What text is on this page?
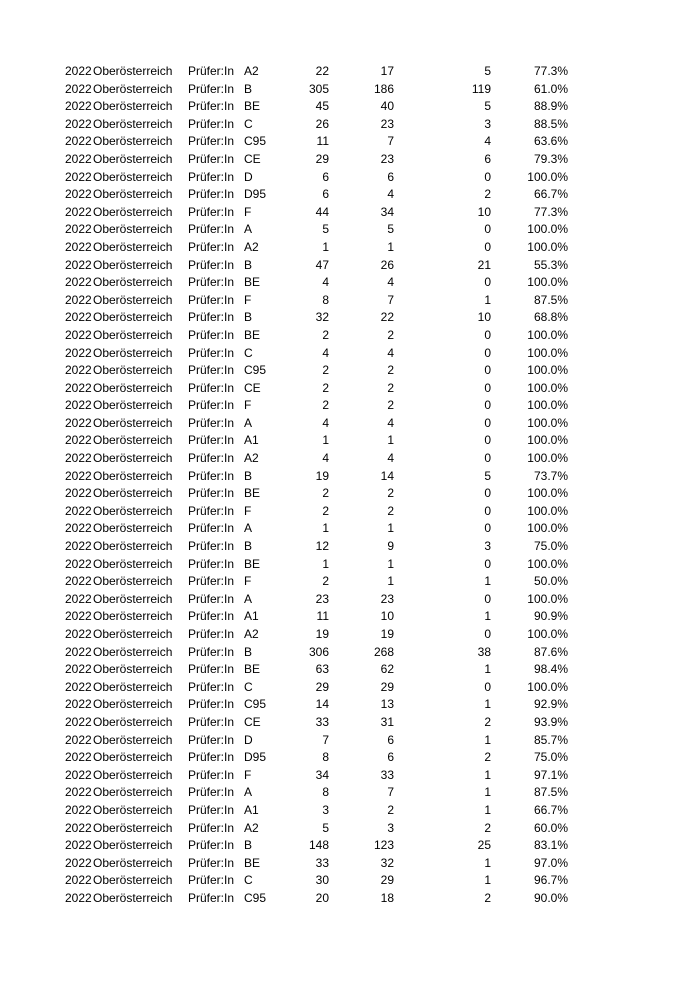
2022 Oberösterreich Prüfer:In A2	22	17	5	77.3%
2022 Oberösterreich Prüfer:In B	305	186	119	61.0%
2022 Oberösterreich Prüfer:In BE	45	40	5	88.9%
2022 Oberösterreich Prüfer:In C	26	23	3	88.5%
2022 Oberösterreich Prüfer:In C95	11	7	4	63.6%
2022 Oberösterreich Prüfer:In CE	29	23	6	79.3%
2022 Oberösterreich Prüfer:In D	6	6	0	100.0%
2022 Oberösterreich Prüfer:In D95	6	4	2	66.7%
2022 Oberösterreich Prüfer:In F	44	34	10	77.3%
2022 Oberösterreich Prüfer:In A	5	5	0	100.0%
2022 Oberösterreich Prüfer:In A2	1	1	0	100.0%
2022 Oberösterreich Prüfer:In B	47	26	21	55.3%
2022 Oberösterreich Prüfer:In BE	4	4	0	100.0%
2022 Oberösterreich Prüfer:In F	8	7	1	87.5%
2022 Oberösterreich Prüfer:In B	32	22	10	68.8%
2022 Oberösterreich Prüfer:In BE	2	2	0	100.0%
2022 Oberösterreich Prüfer:In C	4	4	0	100.0%
2022 Oberösterreich Prüfer:In C95	2	2	0	100.0%
2022 Oberösterreich Prüfer:In CE	2	2	0	100.0%
2022 Oberösterreich Prüfer:In F	2	2	0	100.0%
2022 Oberösterreich Prüfer:In A	4	4	0	100.0%
2022 Oberösterreich Prüfer:In A1	1	1	0	100.0%
2022 Oberösterreich Prüfer:In A2	4	4	0	100.0%
2022 Oberösterreich Prüfer:In B	19	14	5	73.7%
2022 Oberösterreich Prüfer:In BE	2	2	0	100.0%
2022 Oberösterreich Prüfer:In F	2	2	0	100.0%
2022 Oberösterreich Prüfer:In A	1	1	0	100.0%
2022 Oberösterreich Prüfer:In B	12	9	3	75.0%
2022 Oberösterreich Prüfer:In BE	1	1	0	100.0%
2022 Oberösterreich Prüfer:In F	2	1	1	50.0%
2022 Oberösterreich Prüfer:In A	23	23	0	100.0%
2022 Oberösterreich Prüfer:In A1	11	10	1	90.9%
2022 Oberösterreich Prüfer:In A2	19	19	0	100.0%
2022 Oberösterreich Prüfer:In B	306	268	38	87.6%
2022 Oberösterreich Prüfer:In BE	63	62	1	98.4%
2022 Oberösterreich Prüfer:In C	29	29	0	100.0%
2022 Oberösterreich Prüfer:In C95	14	13	1	92.9%
2022 Oberösterreich Prüfer:In CE	33	31	2	93.9%
2022 Oberösterreich Prüfer:In D	7	6	1	85.7%
2022 Oberösterreich Prüfer:In D95	8	6	2	75.0%
2022 Oberösterreich Prüfer:In F	34	33	1	97.1%
2022 Oberösterreich Prüfer:In A	8	7	1	87.5%
2022 Oberösterreich Prüfer:In A1	3	2	1	66.7%
2022 Oberösterreich Prüfer:In A2	5	3	2	60.0%
2022 Oberösterreich Prüfer:In B	148	123	25	83.1%
2022 Oberösterreich Prüfer:In BE	33	32	1	97.0%
2022 Oberösterreich Prüfer:In C	30	29	1	96.7%
2022 Oberösterreich Prüfer:In C95	20	18	2	90.0%
